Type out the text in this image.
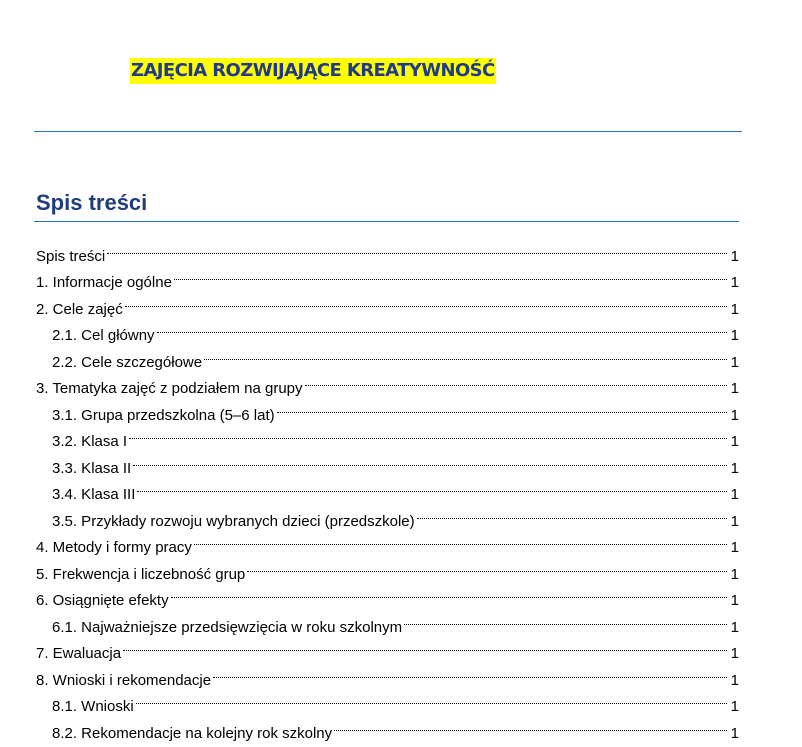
ZAJĘCIA ROZWIJAJĄCE KREATYWNOŚĆ
Spis treści
Spis treści	1
1. Informacje ogólne	1
2. Cele zajęć	1
2.1. Cel główny	1
2.2. Cele szczegółowe	1
3. Tematyka zajęć z podziałem na grupy	1
3.1. Grupa przedszkolna (5–6 lat)	1
3.2. Klasa I	1
3.3. Klasa II	1
3.4. Klasa III	1
3.5. Przykłady rozwoju wybranych dzieci (przedszkole)	1
4. Metody i formy pracy	1
5. Frekwencja i liczebność grup	1
6. Osiągnięte efekty	1
6.1. Najważniejsze przedsięwzięcia w roku szkolnym	1
7. Ewaluacja	1
8. Wnioski i rekomendacje	1
8.1. Wnioski	1
8.2. Rekomendacje na kolejny rok szkolny	1
